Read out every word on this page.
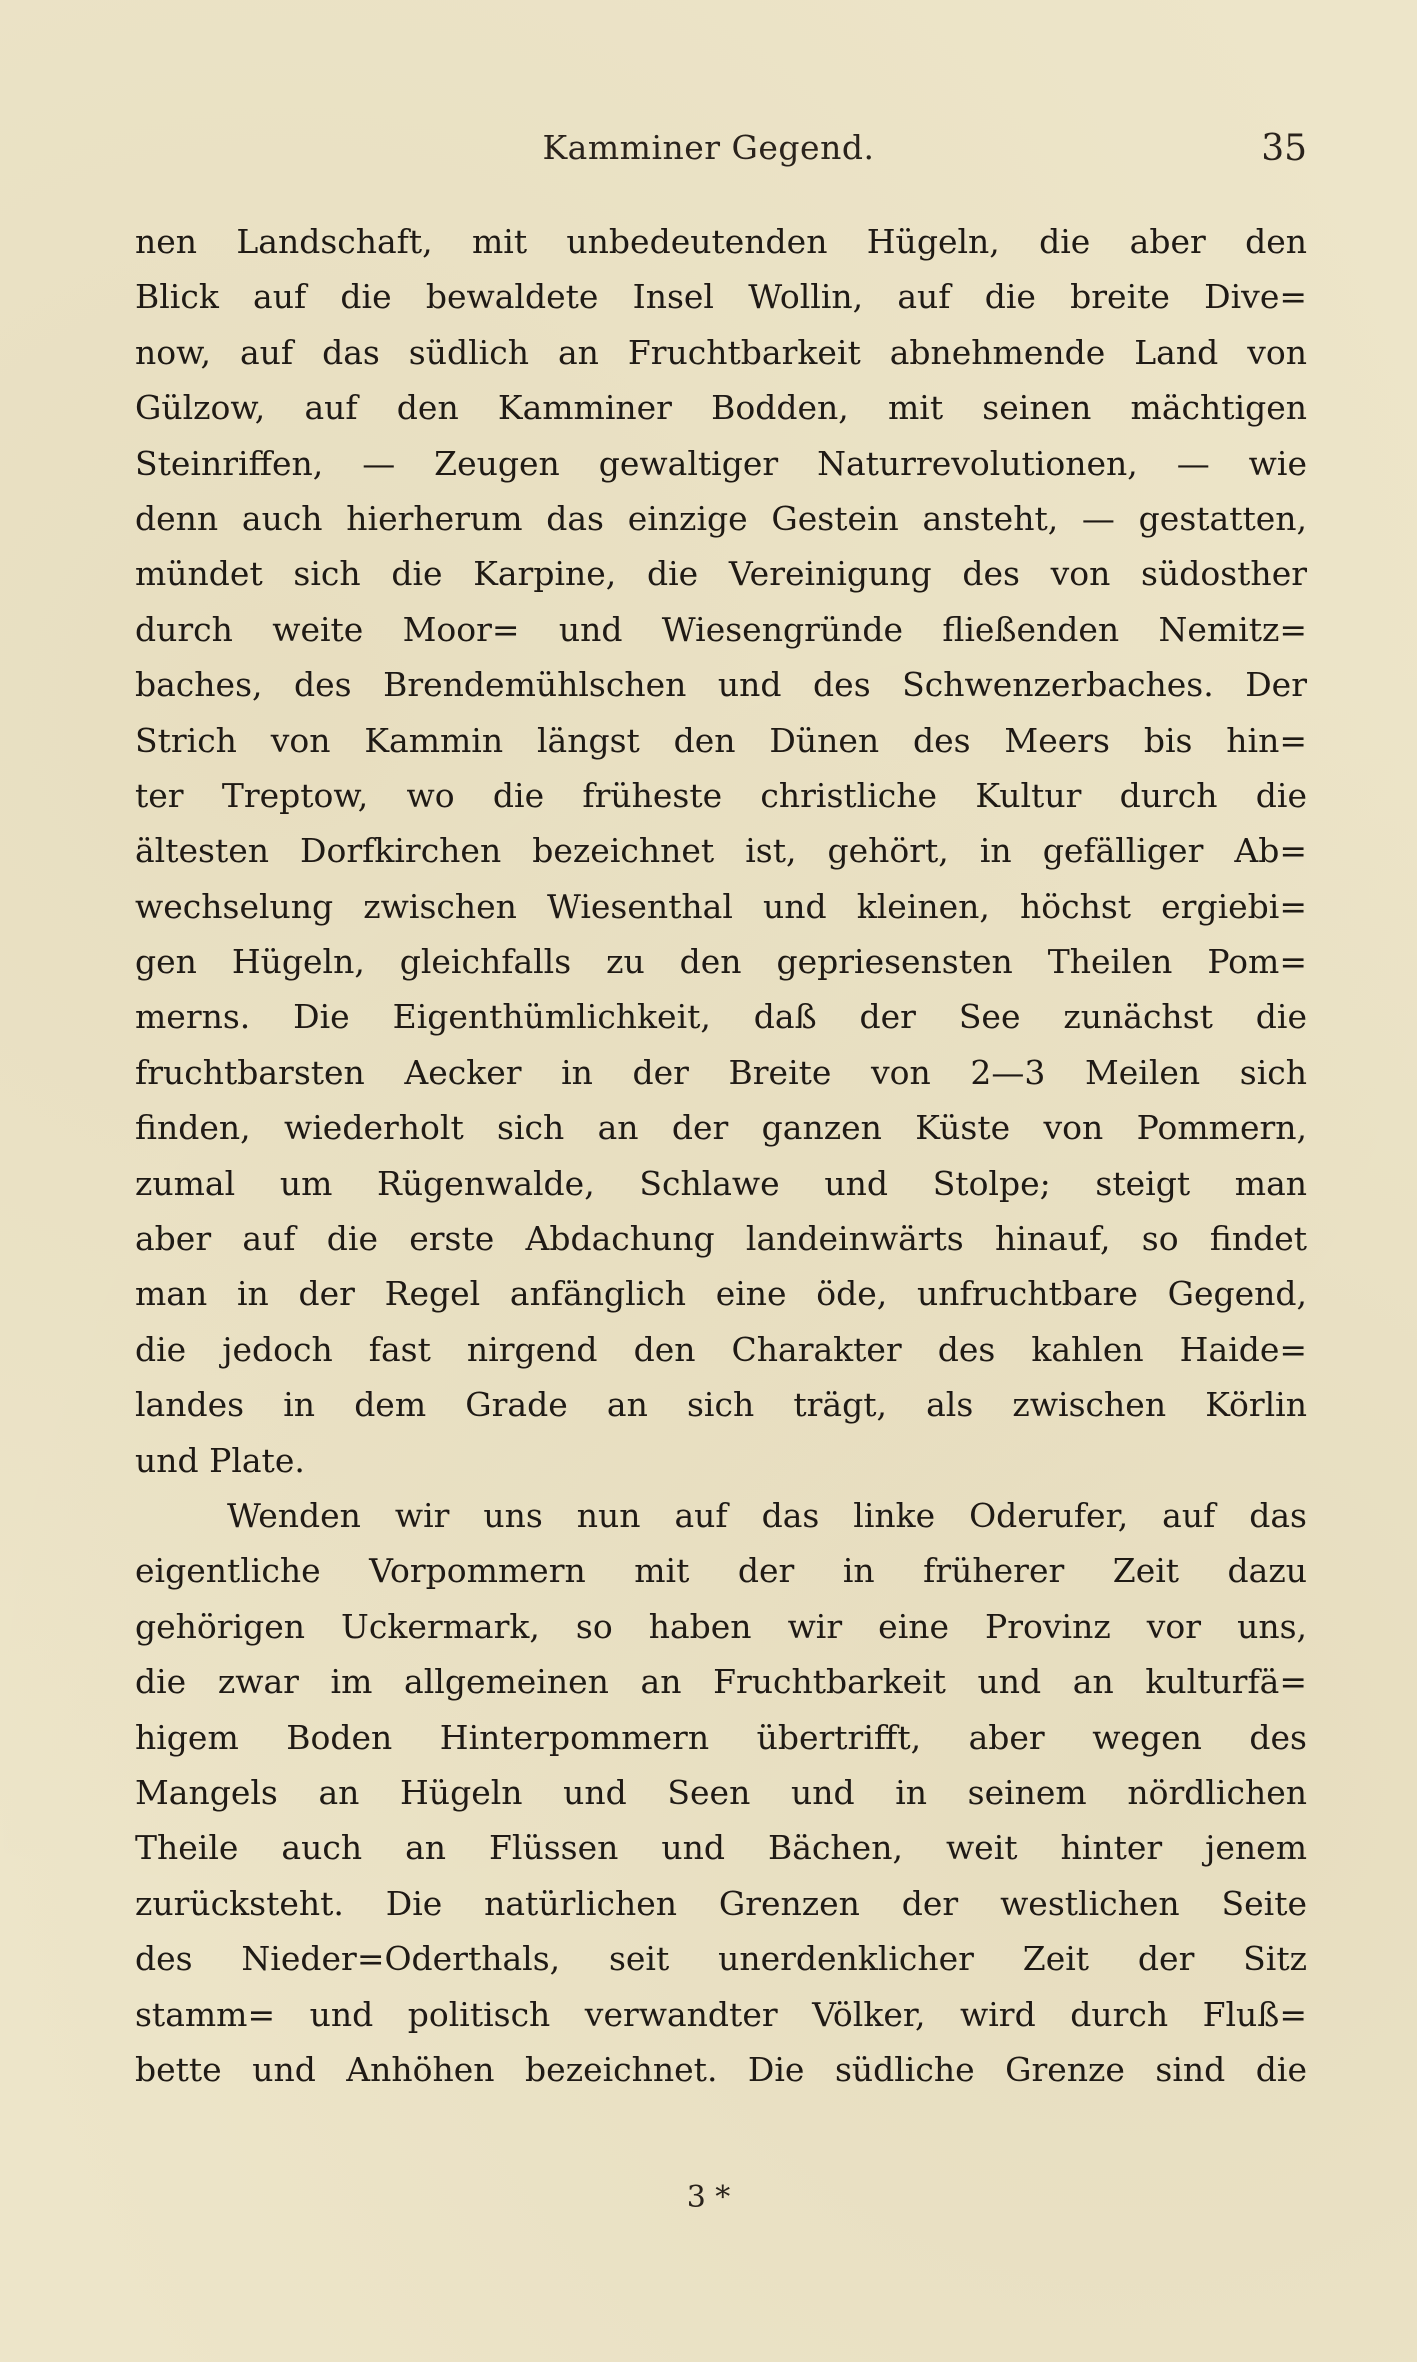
Kamminer Gegend.	35
nen Landschaft, mit unbedeutenden Hügeln, die aber den
Blick auf die bewaldete Insel Wollin, auf die breite Dive=
now, auf das südlich an Fruchtbarkeit abnehmende Land von
Gülzow, auf den Kamminer Bodden, mit seinen mächtigen
Steinriffen, — Zeugen gewaltiger Naturrevolutionen, — wie
denn auch hierherum das einzige Gestein ansteht, — gestatten,
mündet sich die Karpine, die Vereinigung des von südosther
durch weite Moor= und Wiesengründe fließenden Nemitz=
baches, des Brendemühlschen und des Schwenzerbaches. Der
Strich von Kammin längst den Dünen des Meers bis hin=
ter Treptow, wo die früheste christliche Kultur durch die
ältesten Dorfkirchen bezeichnet ist, gehört, in gefälliger Ab=
wechselung zwischen Wiesenthal und kleinen, höchst ergiebi=
gen Hügeln, gleichfalls zu den gepriesensten Theilen Pom=
merns. Die Eigenthümlichkeit, daß der See zunächst die
fruchtbarsten Aecker in der Breite von 2—3 Meilen sich
finden, wiederholt sich an der ganzen Küste von Pommern,
zumal um Rügenwalde, Schlawe und Stolpe; steigt man
aber auf die erste Abdachung landeinwärts hinauf, so findet
man in der Regel anfänglich eine öde, unfruchtbare Gegend,
die jedoch fast nirgend den Charakter des kahlen Haide=
landes in dem Grade an sich trägt, als zwischen Körlin
und Plate.
Wenden wir uns nun auf das linke Oderufer, auf das
eigentliche Vorpommern mit der in früherer Zeit dazu
gehörigen Uckermark, so haben wir eine Provinz vor uns,
die zwar im allgemeinen an Fruchtbarkeit und an kulturfä=
higem Boden Hinterpommern übertrifft, aber wegen des
Mangels an Hügeln und Seen und in seinem nördlichen
Theile auch an Flüssen und Bächen, weit hinter jenem
zurücksteht. Die natürlichen Grenzen der westlichen Seite
des Nieder=Oderthals, seit unerdenklicher Zeit der Sitz
stamm= und politisch verwandter Völker, wird durch Fluß=
bette und Anhöhen bezeichnet. Die südliche Grenze sind die
3 *
